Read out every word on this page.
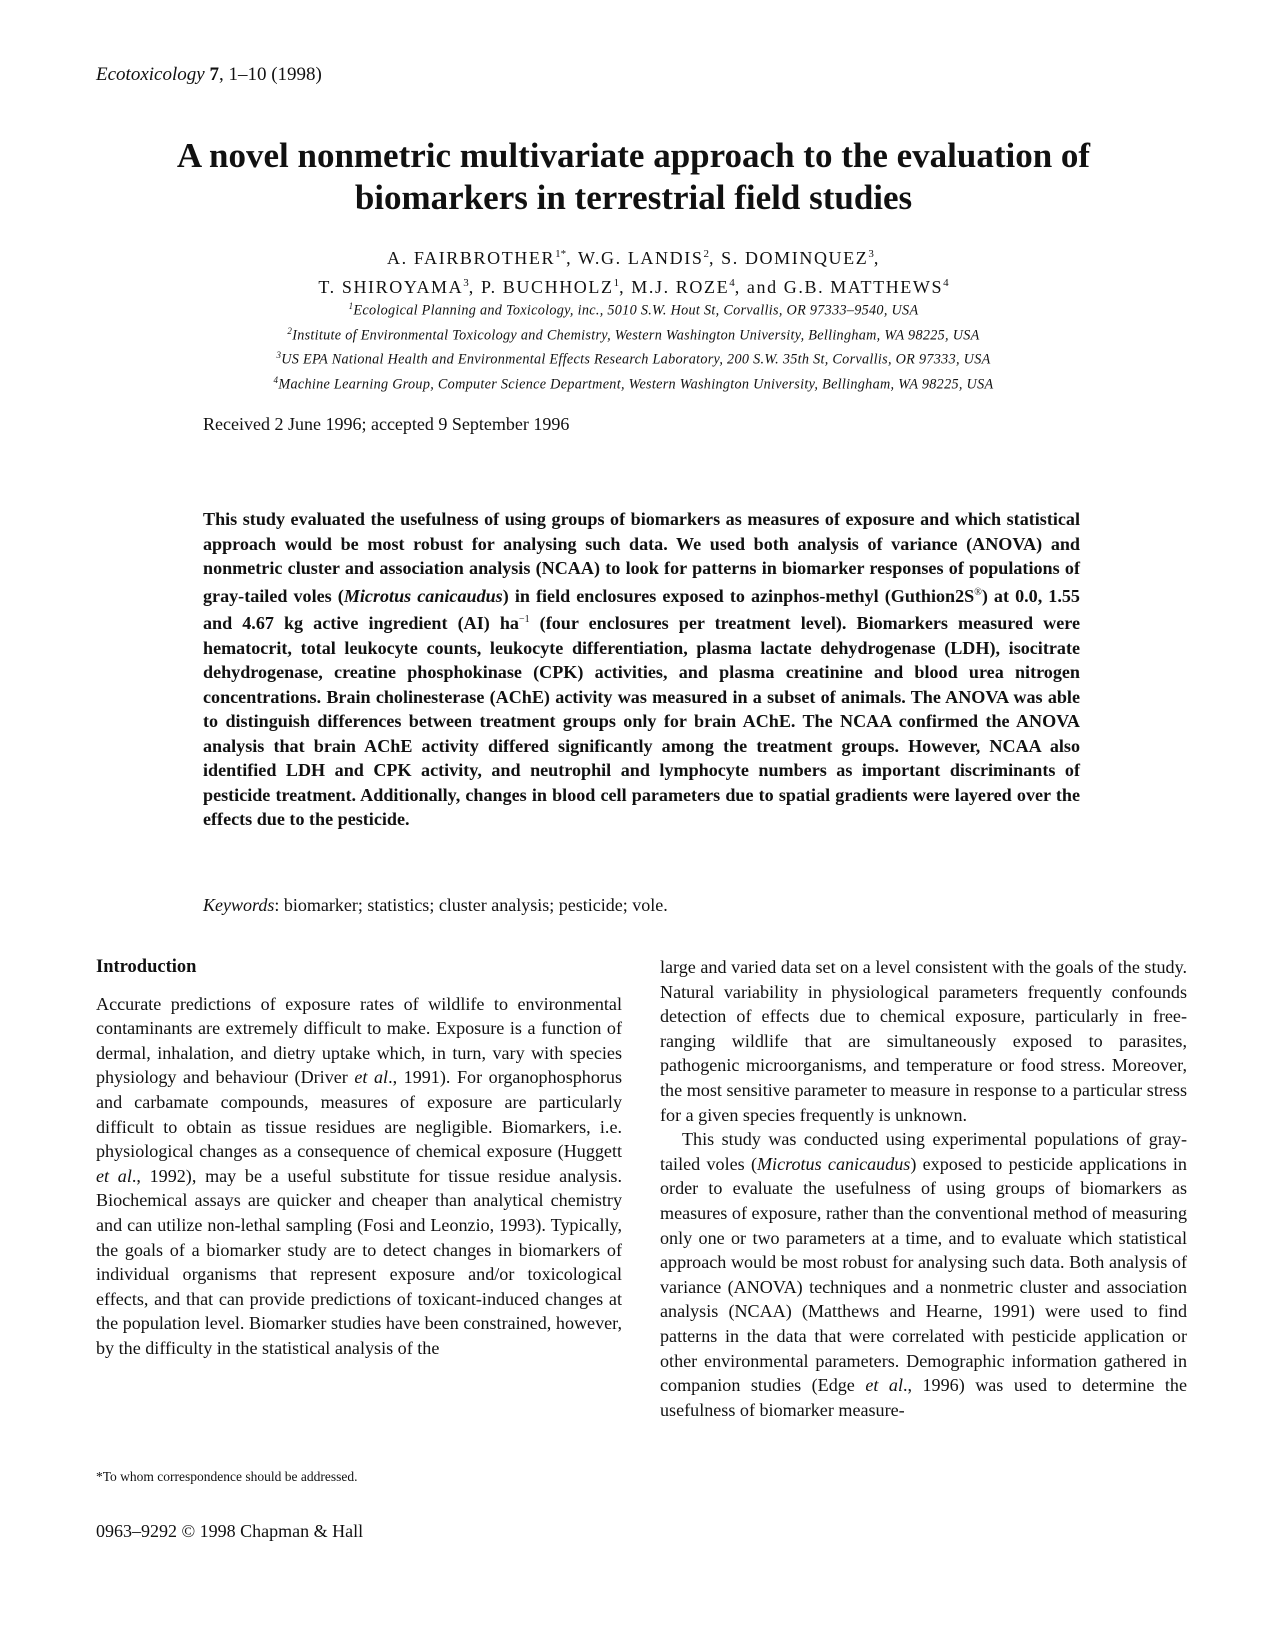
Ecotoxicology 7, 1–10 (1998)
A novel nonmetric multivariate approach to the evaluation of biomarkers in terrestrial field studies
A. $FAIRBROTHER^{1*}$, W.G. LANDIS$^2$, S. DOMINQUEZ$^3$,
T. SHIROYAMA$^3$, P. BUCHHOLZ$^1$, M.J. ROZE$^4$, and G.B. MATTHEWS$^4$
$^1$Ecological Planning and Toxicology, inc., 5010 S.W. Hout St, Corvallis, OR 97333–9540, USA
$^2$Institute of Environmental Toxicology and Chemistry, Western Washington University, Bellingham, WA 98225, USA
$^3$US EPA National Health and Environmental Effects Research Laboratory, 200 S.W. 35th St, Corvallis, OR 97333, USA
$^4$Machine Learning Group, Computer Science Department, Western Washington University, Bellingham, WA 98225, USA
Received 2 June 1996; accepted 9 September 1996
This study evaluated the usefulness of using groups of biomarkers as measures of exposure and which statistical approach would be most robust for analysing such data. We used both analysis of variance (ANOVA) and nonmetric cluster and association analysis (NCAA) to look for patterns in biomarker responses of populations of gray-tailed voles (Microtus canicaudus) in field enclosures exposed to azinphos-methyl (Guthion2S®) at 0.0, 1.55 and 4.67 kg active ingredient (AI) $ha^{-1}$ (four enclosures per treatment level). Biomarkers measured were hematocrit, total leukocyte counts, leukocyte differentiation, plasma lactate dehydrogenase (LDH), isocitrate dehydrogenase, creatine phosphokinase (CPK) activities, and plasma creatinine and blood urea nitrogen concentrations. Brain cholinesterase (AChE) activity was measured in a subset of animals. The ANOVA was able to distinguish differences between treatment groups only for brain AChE. The NCAA confirmed the ANOVA analysis that brain AChE activity differed significantly among the treatment groups. However, NCAA also identified LDH and CPK activity, and neutrophil and lymphocyte numbers as important discriminants of pesticide treatment. Additionally, changes in blood cell parameters due to spatial gradients were layered over the effects due to the pesticide.
Keywords: biomarker; statistics; cluster analysis; pesticide; vole.
Introduction

Accurate predictions of exposure rates of wildlife to environmental contaminants are extremely difficult to make. Exposure is a function of dermal, inhalation, and dietry uptake which, in turn, vary with species physiology and behaviour (Driver et al., 1991). For organophosphorus and carbamate compounds, measures of exposure are particularly difficult to obtain as tissue residues are negligible. Biomarkers, i.e. physiological changes as a consequence of chemical exposure (Huggett et al., 1992), may be a useful substitute for tissue residue analysis. Biochemical assays are quicker and cheaper than analytical chemistry and can utilize non-lethal sampling (Fosi and Leonzio, 1993). Typically, the goals of a biomarker study are to detect changes in biomarkers of individual organisms that represent exposure and/or toxicological effects, and that can provide predictions of toxicant-induced changes at the population level. Biomarker studies have been constrained, however, by the difficulty in the statistical analysis of the

large and varied data set on a level consistent with the goals of the study. Natural variability in physiological parameters frequently confounds detection of effects due to chemical exposure, particularly in free-ranging wildlife that are simultaneously exposed to parasites, pathogenic microorganisms, and temperature or food stress. Moreover, the most sensitive parameter to measure in response to a particular stress for a given species frequently is unknown.

This study was conducted using experimental populations of gray-tailed voles (Microtus canicaudus) exposed to pesticide applications in order to evaluate the usefulness of using groups of biomarkers as measures of exposure, rather than the conventional method of measuring only one or two parameters at a time, and to evaluate which statistical approach would be most robust for analysing such data. Both analysis of variance (ANOVA) techniques and a nonmetric cluster and association analysis (NCAA) (Matthews and Hearne, 1991) were used to find patterns in the data that were correlated with pesticide application or other environmental parameters. Demographic information gathered in companion studies (Edge et al., 1996) was used to determine the usefulness of biomarker measure-

*To whom correspondence should be addressed.
0963–9292 © 1998 Chapman & Hall
